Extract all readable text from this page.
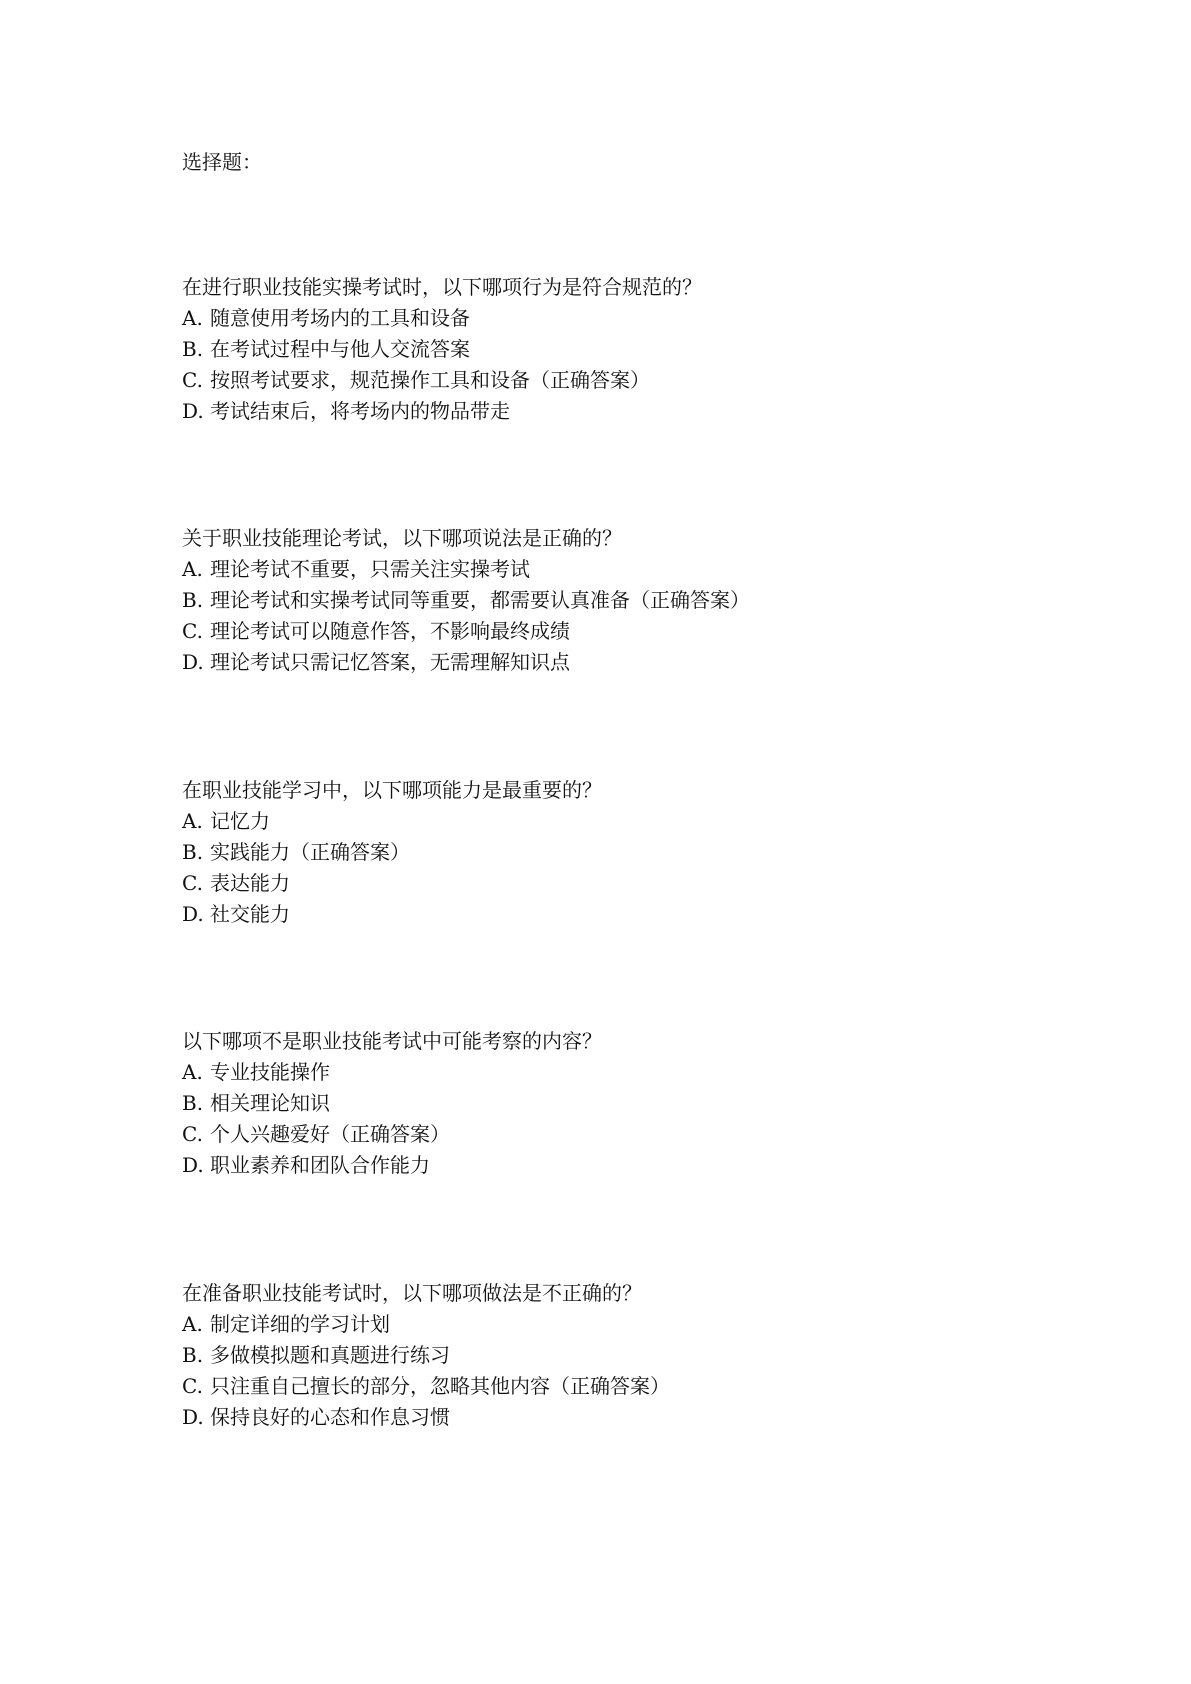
选择题：

在进行职业技能实操考试时，以下哪项行为是符合规范的？

A. 随意使用考场内的工具和设备

B. 在考试过程中与他人交流答案

C. 按照考试要求，规范操作工具和设备（正确答案）

D. 考试结束后，将考场内的物品带走

关于职业技能理论考试，以下哪项说法是正确的？

A. 理论考试不重要，只需关注实操考试

B. 理论考试和实操考试同等重要，都需要认真准备（正确答案）

C. 理论考试可以随意作答，不影响最终成绩

D. 理论考试只需记忆答案，无需理解知识点

在职业技能学习中，以下哪项能力是最重要的？

A. 记忆力

B. 实践能力（正确答案）

C. 表达能力

D. 社交能力

以下哪项不是职业技能考试中可能考察的内容？

A. 专业技能操作

B. 相关理论知识

C. 个人兴趣爱好（正确答案）

D. 职业素养和团队合作能力

在准备职业技能考试时，以下哪项做法是不正确的？

A. 制定详细的学习计划

B. 多做模拟题和真题进行练习

C. 只注重自己擅长的部分，忽略其他内容（正确答案）

D. 保持良好的心态和作息习惯
